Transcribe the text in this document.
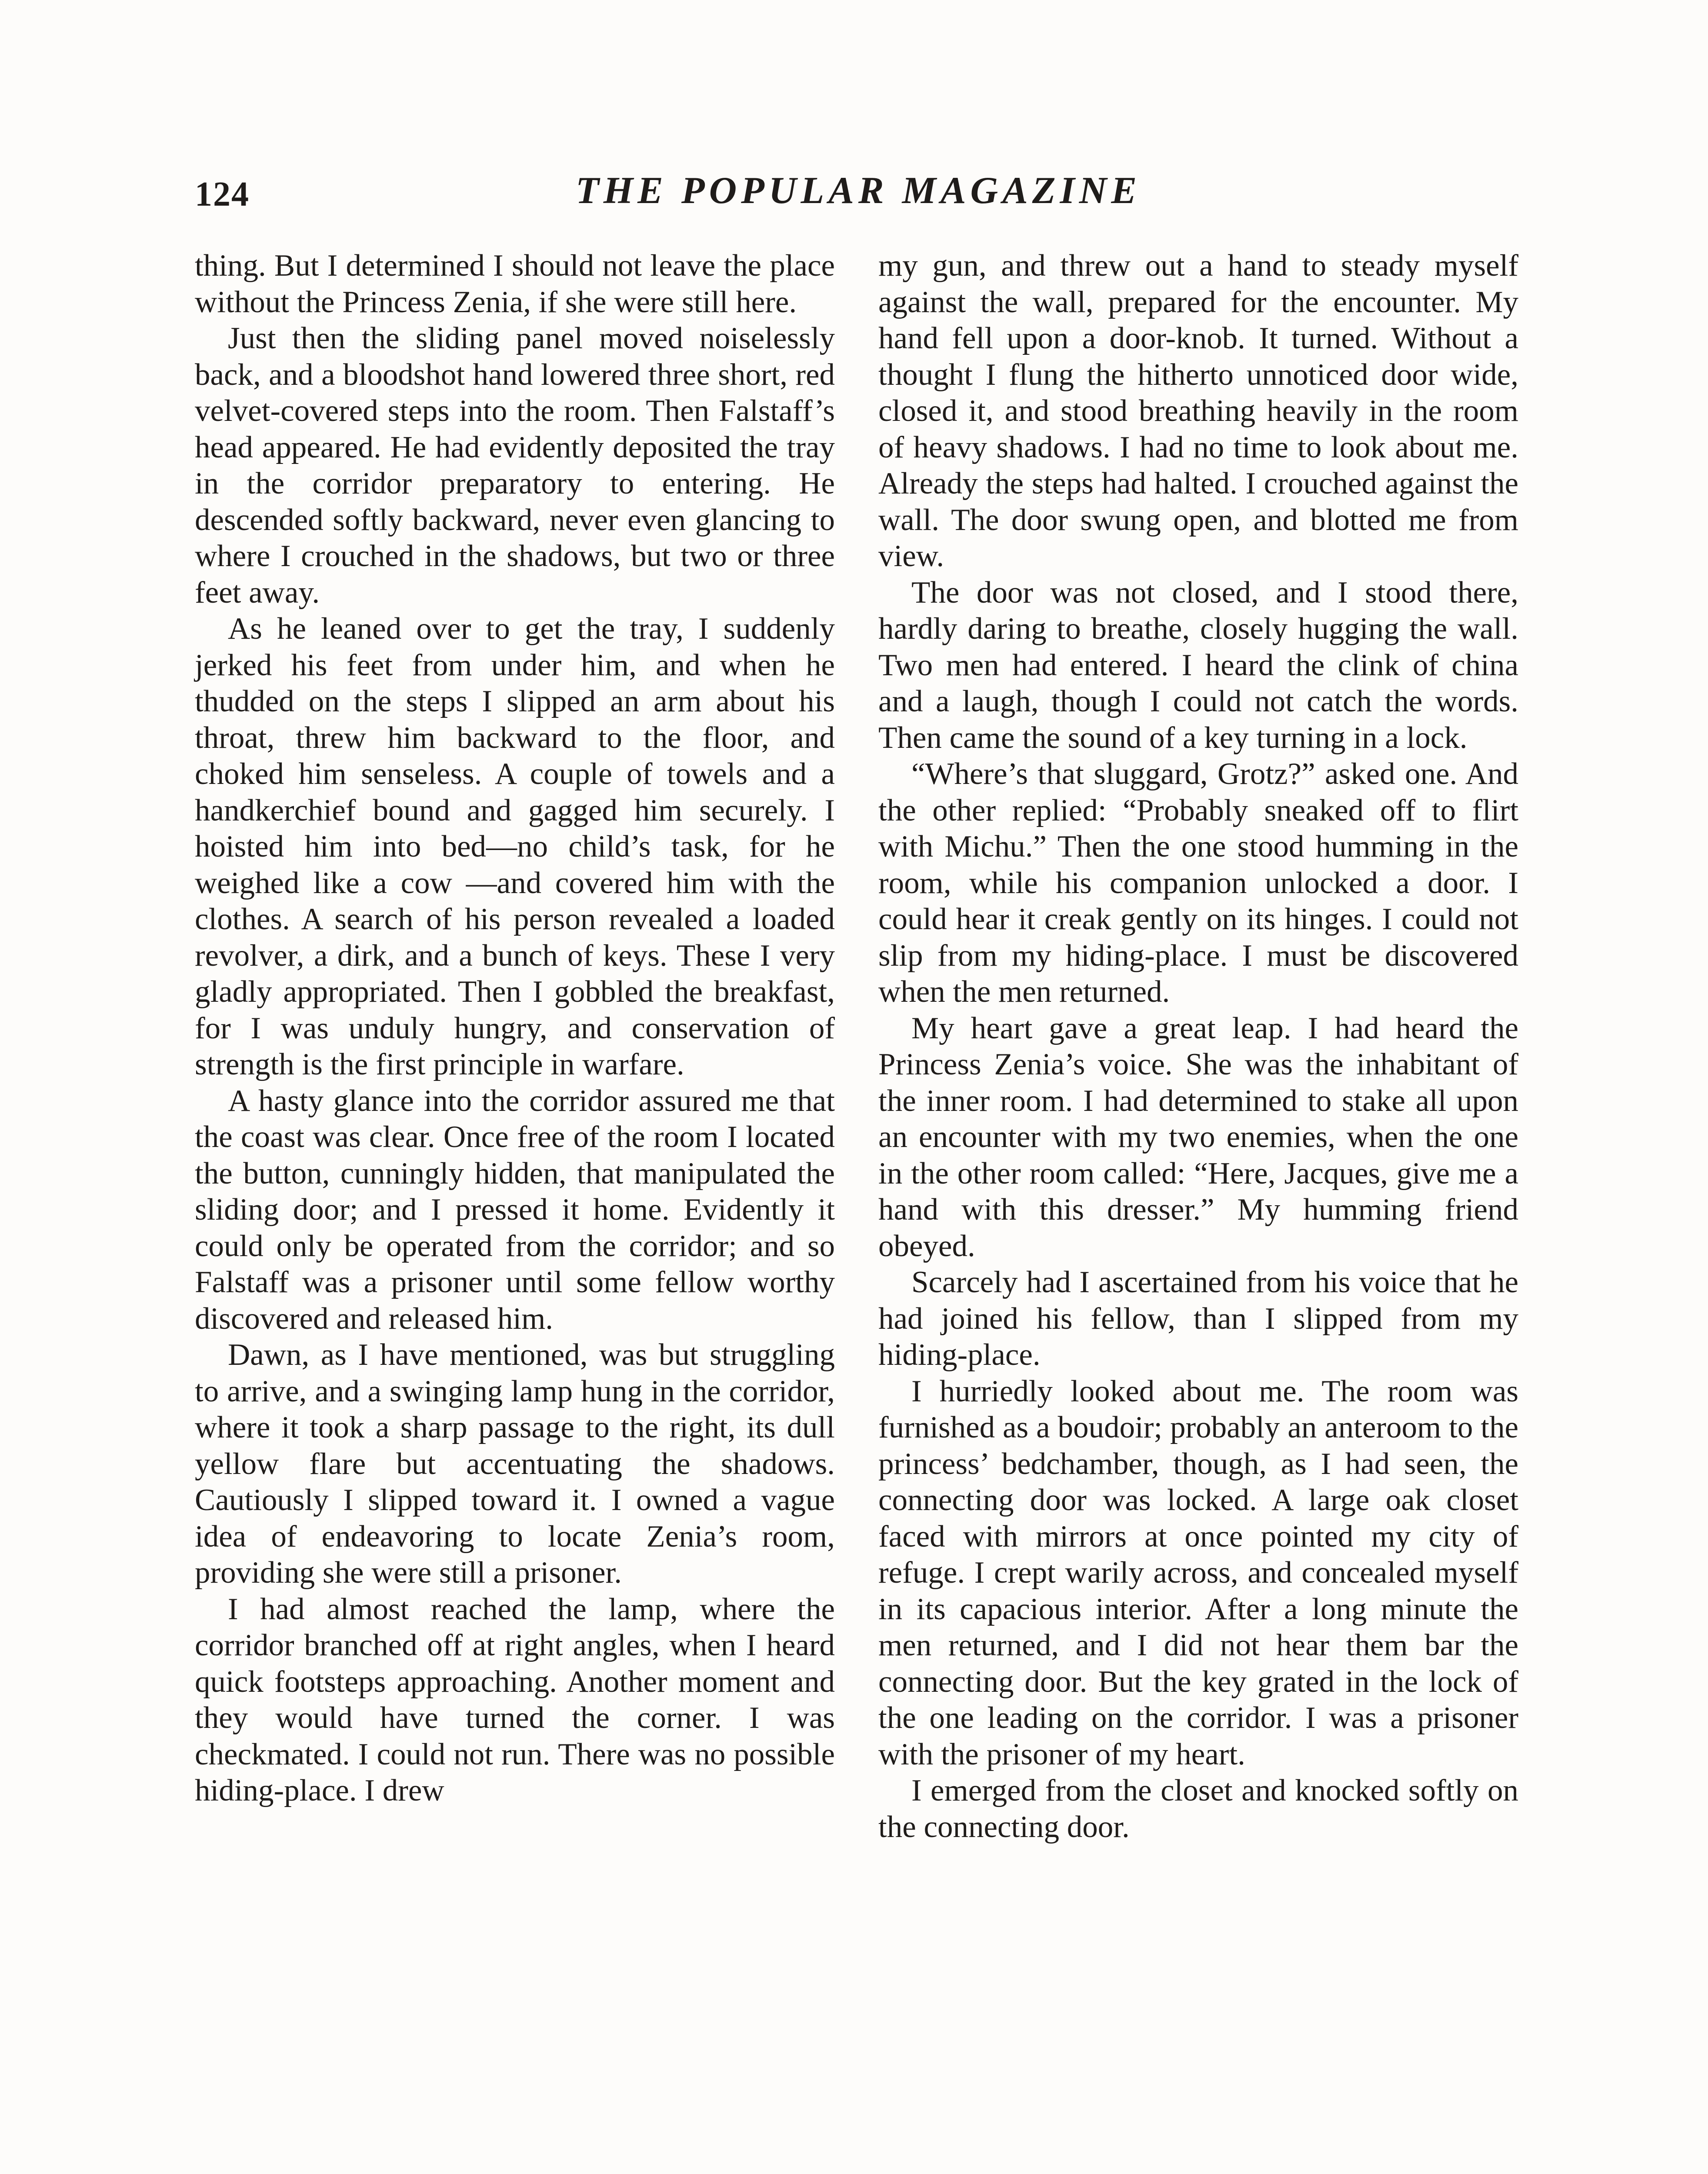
124	THE POPULAR MAGAZINE

thing. But I determined I should not leave the place without the Princess Zenia, if she were still here.

Just then the sliding panel moved noiselessly back, and a bloodshot hand lowered three short, red velvet-covered steps into the room. Then Falstaff’s head appeared. He had evidently deposited the tray in the corridor preparatory to entering. He descended softly backward, never even glancing to where I crouched in the shadows, but two or three feet away.

As he leaned over to get the tray, I suddenly jerked his feet from under him, and when he thudded on the steps I slipped an arm about his throat, threw him backward to the floor, and choked him senseless. A couple of towels and a handkerchief bound and gagged him securely. I hoisted him into bed—no child’s task, for he weighed like a cow —and covered him with the clothes. A search of his person revealed a loaded revolver, a dirk, and a bunch of keys. These I very gladly appropriated. Then I gobbled the breakfast, for I was unduly hungry, and conservation of strength is the first principle in warfare.

A hasty glance into the corridor assured me that the coast was clear. Once free of the room I located the button, cunningly hidden, that manipulated the sliding door; and I pressed it home. Evidently it could only be operated from the corridor; and so Falstaff was a prisoner until some fellow worthy discovered and released him.

Dawn, as I have mentioned, was but struggling to arrive, and a swinging lamp hung in the corridor, where it took a sharp passage to the right, its dull yellow flare but accentuating the shadows. Cautiously I slipped toward it. I owned a vague idea of endeavoring to locate Zenia’s room, providing she were still a prisoner.

I had almost reached the lamp, where the corridor branched off at right angles, when I heard quick footsteps approaching. Another moment and they would have turned the corner. I was checkmated. I could not run. There was no possible hiding-place. I drew

my gun, and threw out a hand to steady myself against the wall, prepared for the encounter. My hand fell upon a door-knob. It turned. Without a thought I flung the hitherto unnoticed door wide, closed it, and stood breathing heavily in the room of heavy shadows. I had no time to look about me. Already the steps had halted. I crouched against the wall. The door swung open, and blotted me from view.

The door was not closed, and I stood there, hardly daring to breathe, closely hugging the wall. Two men had entered. I heard the clink of china and a laugh, though I could not catch the words. Then came the sound of a key turning in a lock.

“Where’s that sluggard, Grotz?” asked one. And the other replied: “Probably sneaked off to flirt with Michu.” Then the one stood humming in the room, while his companion unlocked a door. I could hear it creak gently on its hinges. I could not slip from my hiding-place. I must be discovered when the men returned.

My heart gave a great leap. I had heard the Princess Zenia’s voice. She was the inhabitant of the inner room. I had determined to stake all upon an encounter with my two enemies, when the one in the other room called: “Here, Jacques, give me a hand with this dresser.” My humming friend obeyed.

Scarcely had I ascertained from his voice that he had joined his fellow, than I slipped from my hiding-place.

I hurriedly looked about me. The room was furnished as a boudoir; probably an anteroom to the princess’ bedchamber, though, as I had seen, the connecting door was locked. A large oak closet faced with mirrors at once pointed my city of refuge. I crept warily across, and concealed myself in its capacious interior. After a long minute the men returned, and I did not hear them bar the connecting door. But the key grated in the lock of the one leading on the corridor. I was a prisoner with the prisoner of my heart.

I emerged from the closet and knocked softly on the connecting door.
